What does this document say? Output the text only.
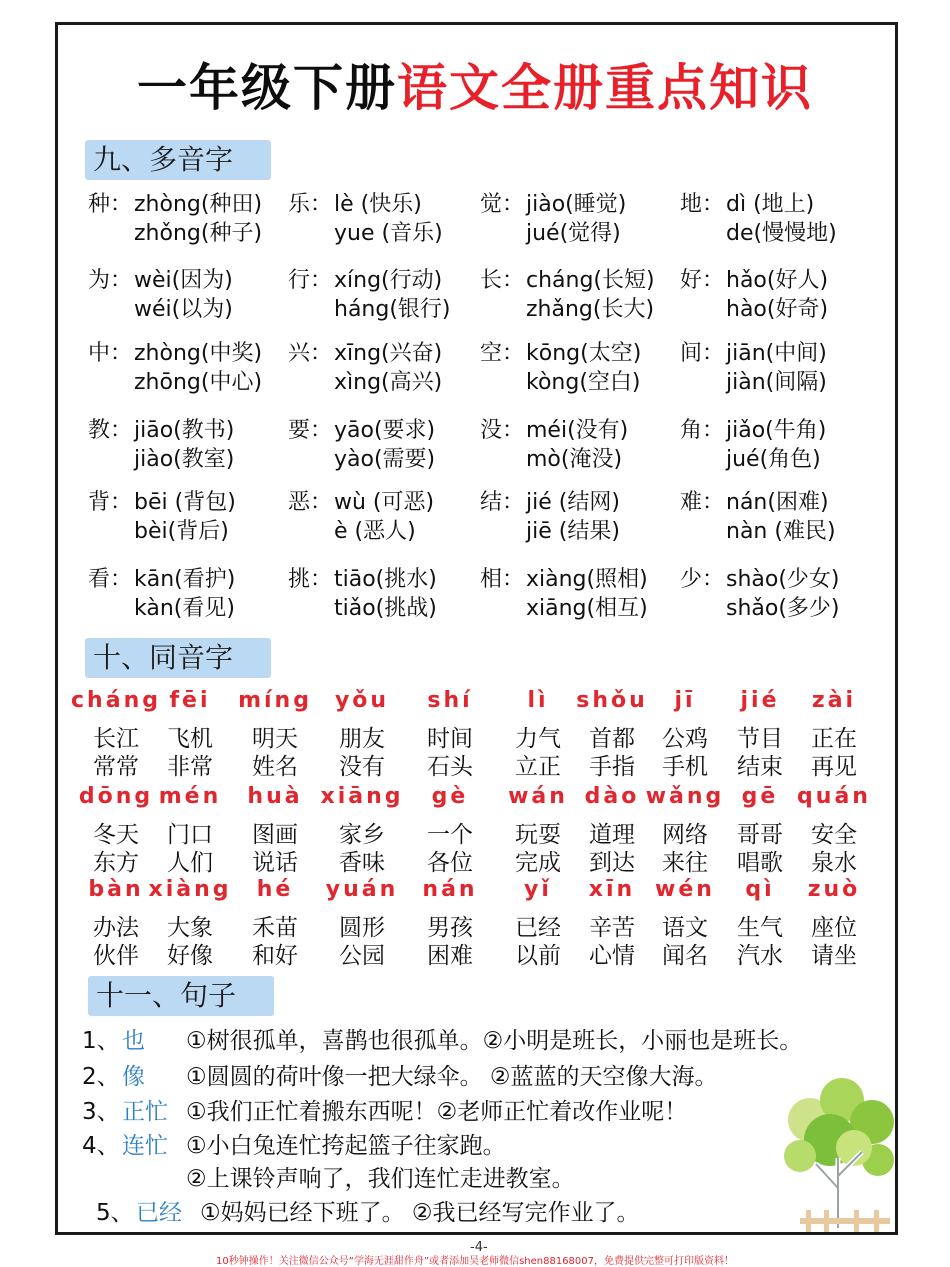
一年级下册语文全册重点知识
九、多音字
种： zhòng(种田)
zhǒng(种子)
乐： lè (快乐)
yue (音乐)
觉： jiào(睡觉)
jué(觉得)
地： dì (地上)
de(慢慢地)
为： wèi(因为)
wéi(以为)
行： xíng(行动)
háng(银行)
长： cháng(长短)
zhǎng(长大)
好： hǎo(好人)
hào(好奇)
中： zhòng(中奖)
zhōng(中心)
兴： xīng(兴奋)
xìng(高兴)
空： kōng(太空)
kòng(空白)
间： jiān(中间)
jiàn(间隔)
教： jiāo(教书)
jiào(教室)
要： yāo(要求)
yào(需要)
没： méi(没有)
mò(淹没)
角： jiǎo(牛角)
jué(角色)
背： bēi (背包)
bèi(背后)
恶： wù (可恶)
è (恶人)
结： jié (结网)
jiē (结果)
难： nán(困难)
nàn (难民)
看： kān(看护)
kàn(看见)
挑： tiāo(挑水)
tiǎo(挑战)
相： xiàng(照相)
xiāng(相互)
少： shào(少女)
shǎo(多少)
十、同音字
cháng fēi míng yǒu shí lì shǒu jī jié zài
长江 飞机 明天 朋友 时间 力气 首都 公鸡 节目 正在
常常 非常 姓名 没有 石头 立正 手指 手机 结束 再见
dōng mén huà xiāng gè wán dào wǎng gē quán
冬天 门口 图画 家乡 一个 玩耍 道理 网络 哥哥 安全
东方 人们 说话 香味 各位 完成 到达 来往 唱歌 泉水
bàn xiàng hé yuán nán yǐ xīn wén qì zuò
办法 大象 禾苗 圆形 男孩 已经 辛苦 语文 生气 座位
伙伴 好像 和好 公园 困难 以前 心情 闻名 汽水 请坐
十一、句子
1、 也 ①树很孤单，喜鹊也很孤单。②小明是班长，小丽也是班长。
2、 像 ①圆圆的荷叶像一把大绿伞。 ②蓝蓝的天空像大海。
3、 正忙 ①我们正忙着搬东西呢！②老师正忙着改作业呢！
4、 连忙 ①小白兔连忙挎起篮子往家跑。
②上课铃声响了，我们连忙走进教室。
5、 已经 ①妈妈已经下班了。 ②我已经写完作业了。
-4-
10秒钟操作！关注微信公众号“学海无涯甜作舟”或者添加吴老师微信shen88168007，免费提供完整可打印版资料！
